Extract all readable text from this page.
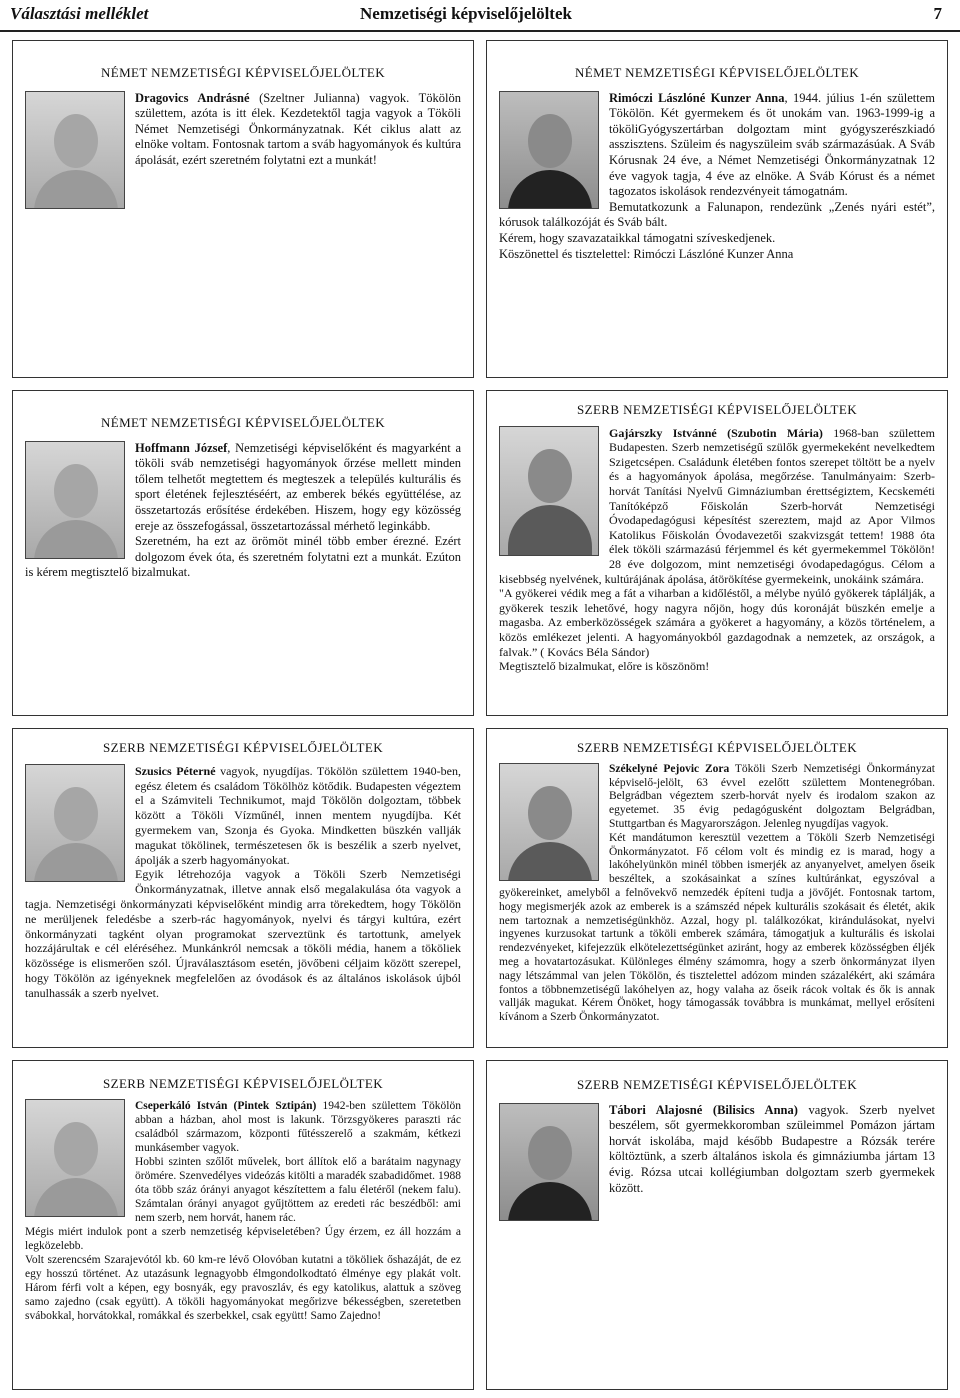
Választási melléklet	Nemzetiségi képviselőjelöltek	7
NÉMET NEMZETISÉGI KÉPVISELŐJELÖLTEK

Dragovics Andrásné (Szeltner Julianna) vagyok. Tökölön születtem, azóta is itt élek. Kezdetektől tagja vagyok a Tököli Német Nemzetiségi Önkormányzatnak. Két ciklus alatt az elnöke voltam. Fontosnak tartom a sváb hagyományok és kultúra ápolását, ezért szeretném folytatni ezt a munkát!

NÉMET NEMZETISÉGI KÉPVISELŐJELÖLTEK

Rimóczi Lászlóné Kunzer Anna, 1944. július 1-én születtem Tökölön. Két gyermekem és öt unokám van. 1963-1999-ig a tököliGyógyszertárban dolgoztam mint gyógyszerészkiadó asszisztens. Szüleim és nagyszüleim sváb származásúak. A Sváb Kórusnak 24 éve, a Német Nemzetiségi Önkormányzatnak 12 éve vagyok tagja, 4 éve az elnöke. A Sváb Kórust és a német tagozatos iskolások rendezvényeit támogatnám.

Bemutatkozunk a Falunapon, rendezünk „Zenés nyári estét”, kórusok találkozóját és Sváb bált.

Kérem, hogy szavazataikkal támogatni szíveskedjenek.

Köszönettel és tisztelettel: Rimóczi Lászlóné Kunzer Anna

NÉMET NEMZETISÉGI KÉPVISELŐJELÖLTEK

Hoffmann József, Nemzetiségi képviselőként és magyarként a tököli sváb nemzetiségi hagyományok őrzése mellett minden tőlem telhetőt megtettem és megteszek a település kulturális és sport életének fejlesztéséért, az emberek békés együttélése, az összetartozás erősítése érdekében. Hiszem, hogy egy közösség ereje az összefogással, összetartozással mérhető leginkább.

Szeretném, ha ezt az örömöt minél több ember érezné. Ezért dolgozom évek óta, és szeretném folytatni ezt a munkát. Ezúton is kérem megtisztelő bizalmukat.

SZERB NEMZETISÉGI KÉPVISELŐJELÖLTEK

Gajárszky Istvánné (Szubotin Mária) 1968-ban születtem Budapesten. Szerb nemzetiségű szülők gyermekeként nevelkedtem Szigetcsépen. Családunk életében fontos szerepet töltött be a nyelv és a hagyományok ápolása, megőrzése. Tanulmányaim: Szerb-horvát Tanítási Nyelvű Gimnáziumban érettségiztem, Kecskeméti Tanítóképző Főiskolán Szerb-horvát Nemzetiségi Óvodapedagógusi képesítést szereztem, majd az Apor Vilmos Katolikus Főiskolán Óvodavezetői szakvizsgát tettem! 1988 óta élek tököli származású férjemmel és két gyermekemmel Tökölön! 28 éve dolgozom, mint nemzetiségi óvodapedagógus. Célom a kisebbség nyelvének, kultúrájának ápolása, átörökítése gyermekeink, unokáink számára.

"A gyökerei védik meg a fát a viharban a kidőléstől, a mélybe nyúló gyökerek táplálják, a gyökerek teszik lehetővé, hogy nagyra nőjön, hogy dús koronáját büszkén emelje a magasba. Az emberközösségek számára a gyökeret a hagyomány, a közös történelem, a közös emlékezet jelenti. A hagyományokból gazdagodnak a nemzetek, az országok, a falvak.” ( Kovács Béla Sándor)

Megtisztelő bizalmukat, előre is köszönöm!

SZERB NEMZETISÉGI KÉPVISELŐJELÖLTEK

Szusics Péterné vagyok, nyugdíjas. Tökölön születtem 1940-ben, egész életem és családom Tökölhöz kötődik. Budapesten végeztem el a Számviteli Technikumot, majd Tökölön dolgoztam, többek között a Tököli Vízműnél, innen mentem nyugdíjba. Két gyermekem van, Szonja és Gyoka. Mindketten büszkén vallják magukat tökölinek, természetesen ők is beszélik a szerb nyelvet, ápolják a szerb hagyományokat.

Egyik létrehozója vagyok a Tököli Szerb Nemzetiségi Önkormányzatnak, illetve annak első megalakulása óta vagyok a tagja. Nemzetiségi önkormányzati képviselőként mindig arra törekedtem, hogy Tökölön ne merüljenek feledésbe a szerb-rác hagyományok, nyelvi és tárgyi kultúra, ezért önkormányzati tagként olyan programokat szerveztünk és tartottunk, amelyek hozzájárultak e cél eléréséhez. Munkánkról nemcsak a tököli média, hanem a tököliek közössége is elismerően szól. Újraválasztásom esetén, jövőbeni céljaim között szerepel, hogy Tökölön az igényeknek megfelelően az óvodások és az általános iskolások újból tanulhassák a szerb nyelvet.

SZERB NEMZETISÉGI KÉPVISELŐJELÖLTEK

Székelyné Pejovic Zora Tököli Szerb Nemzetiségi Önkormányzat képviselő-jelölt, 63 évvel ezelőtt születtem Montenegróban. Belgrádban végeztem szerb-horvát nyelv és irodalom szakon az egyetemet. 35 évig pedagógusként dolgoztam Belgrádban, Stuttgartban és Magyarországon. Jelenleg nyugdíjas vagyok.

Két mandátumon keresztül vezettem a Tököli Szerb Nemzetiségi Önkormányzatot. Fő célom volt és mindig ez is marad, hogy a lakóhelyünkön minél többen ismerjék az anyanyelvet, amelyen őseik beszéltek, a szokásainkat a színes kultúránkat, egyszóval a gyökereinket, amelyből a felnővekvő nemzedék építeni tudja a jövőjét. Fontosnak tartom, hogy megismerjék azok az emberek is a számszéd népek kulturális szokásait és életét, akik nem tartoznak a nemzetiségünkhöz. Azzal, hogy pl. találkozókat, kirándulásokat, nyelvi ingyenes kurzusokat tartunk a tököli emberek számára, támogatjuk a kulturális és iskolai rendezvényeket, kifejezzük elkötelezettségünket aziránt, hogy az emberek közösségben éljék meg a hovatartozásukat. Különleges élmény számomra, hogy a szerb önkormányzat ilyen nagy létszámmal van jelen Tökölön, és tisztelettel adózom minden százalékért, aki számára fontos a többnemzetiségű lakóhelyen az, hogy valaha az őseik rácok voltak és ők is annak vallják magukat. Kérem Önöket, hogy támogassák továbbra is munkámat, mellyel erősíteni kívánom a Szerb Önkormányzatot.

SZERB NEMZETISÉGI KÉPVISELŐJELÖLTEK

Cseperkáló István (Pintek Sztipán) 1942-ben születtem Tökölön abban a házban, ahol most is lakunk. Törzsgyökeres paraszti rác családból származom, központi fűtésszerelő a szakmám, kétkezi munkásember vagyok.

Hobbi szinten szőlőt művelek, bort állítok elő a barátaim nagynagy örömére. Szenvedélyes videózás kitölti a maradék szabadidőmet. 1988 óta több száz órányi anyagot készítettem a falu életéről (nekem falu). Számtalan órányi anyagot gyűjtöttem az eredeti rác beszédből: ami nem szerb, nem horvát, hanem rác.

Mégis miért indulok pont a szerb nemzetiség képviseletében? Úgy érzem, ez áll hozzám a legközelebb.

Volt szerencsém Szarajevótól kb. 60 km-re lévő Olovóban kutatni a tököliek őshazáját, de ez egy hosszú történet. Az utazásunk legnagyobb élmgondolkodtató élménye egy plakát volt. Három férfi volt a képen, egy bosnyák, egy pravoszláv, és egy katolikus, alattuk a szöveg samo zajedno (csak együtt). A tököli hagyományokat megőrizve békességben, szeretetben svábokkal, horvátokkal, romákkal és szerbekkel, csak együtt! Samo Zajedno!

SZERB NEMZETISÉGI KÉPVISELŐJELÖLTEK

Tábori Alajosné (Bilisics Anna) vagyok. Szerb nyelvet beszélem, sőt gyermekkoromban szüleimmel Pomázon jártam horvát iskolába, majd később Budapestre a Rózsák terére költöztünk, a szerb általános iskola és gimnáziumba jártam 13 évig. Rózsa utcai kollégiumban dolgoztam szerb gyermekek között.
